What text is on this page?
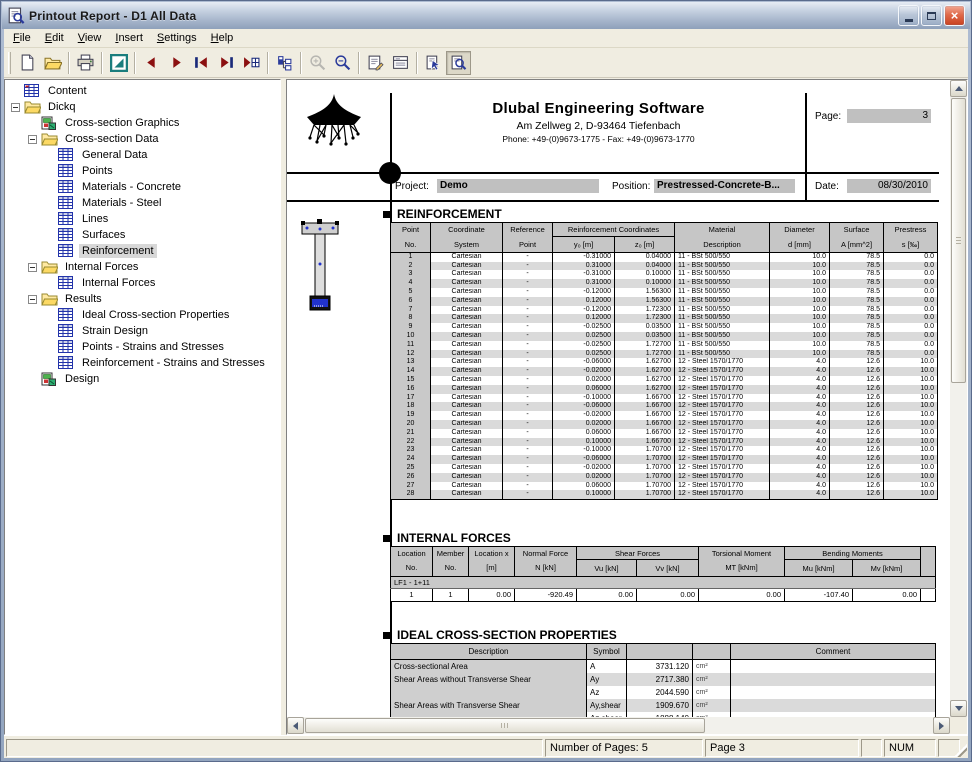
Printout Report - D1 All Data	×
File	Edit	View	Insert	Settings	Help
Content
Dickq
Cross-section Graphics
Cross-section Data
General Data
Points
Materials - Concrete
Materials - Steel
Lines
Surfaces
Reinforcement
Internal Forces
Internal Forces
Results
Ideal Cross-section Properties
Strain Design
Points - Strains and Stresses
Reinforcement - Strains and Stresses
Design
Dlubal Engineering Software
Am Zellweg 2, D-93464 Tiefenbach
Phone: +49-(0)9673-1775 - Fax: +49-(0)9673-1770
Page:	3
Project:	Demo	Position: Prestressed-Concrete-B...	Date:	08/30/2010
REINFORCEMENT
Point	Coordinate	Reference	Reinforcement Coordinates		Material	Diameter	Surface	Prestress
No.	System	Point	y₀ [m]	z₀ [m]	Description	d [mm]	A [mm^2]	s [‰]
1	Cartesian	-	-0.31000	0.04000	11 - BSt 500/550	10.0	78.5	0.0
2	Cartesian	-	0.31000	0.04000	11 - BSt 500/550	10.0	78.5	0.0
3	Cartesian	-	-0.31000	0.10000	11 - BSt 500/550	10.0	78.5	0.0
4	Cartesian	-	0.31000	0.10000	11 - BSt 500/550	10.0	78.5	0.0
5	Cartesian	-	-0.12000	1.56300	11 - BSt 500/550	10.0	78.5	0.0
6	Cartesian	-	0.12000	1.56300	11 - BSt 500/550	10.0	78.5	0.0
7	Cartesian	-	-0.12000	1.72300	11 - BSt 500/550	10.0	78.5	0.0
8	Cartesian	-	0.12000	1.72300	11 - BSt 500/550	10.0	78.5	0.0
9	Cartesian	-	-0.02500	0.03500	11 - BSt 500/550	10.0	78.5	0.0
10	Cartesian	-	0.02500	0.03500	11 - BSt 500/550	10.0	78.5	0.0
11	Cartesian	-	-0.02500	1.72700	11 - BSt 500/550	10.0	78.5	0.0
12	Cartesian	-	0.02500	1.72700	11 - BSt 500/550	10.0	78.5	0.0
13	Cartesian	-	-0.06000	1.62700	12 - Steel 1570/1770	4.0	12.6	10.0
14	Cartesian	-	-0.02000	1.62700	12 - Steel 1570/1770	4.0	12.6	10.0
15	Cartesian	-	0.02000	1.62700	12 - Steel 1570/1770	4.0	12.6	10.0
16	Cartesian	-	0.06000	1.62700	12 - Steel 1570/1770	4.0	12.6	10.0
17	Cartesian	-	-0.10000	1.66700	12 - Steel 1570/1770	4.0	12.6	10.0
18	Cartesian	-	-0.06000	1.66700	12 - Steel 1570/1770	4.0	12.6	10.0
19	Cartesian	-	-0.02000	1.66700	12 - Steel 1570/1770	4.0	12.6	10.0
20	Cartesian	-	0.02000	1.66700	12 - Steel 1570/1770	4.0	12.6	10.0
21	Cartesian	-	0.06000	1.66700	12 - Steel 1570/1770	4.0	12.6	10.0
22	Cartesian	-	0.10000	1.66700	12 - Steel 1570/1770	4.0	12.6	10.0
23	Cartesian	-	-0.10000	1.70700	12 - Steel 1570/1770	4.0	12.6	10.0
24	Cartesian	-	-0.06000	1.70700	12 - Steel 1570/1770	4.0	12.6	10.0
25	Cartesian	-	-0.02000	1.70700	12 - Steel 1570/1770	4.0	12.6	10.0
26	Cartesian	-	0.02000	1.70700	12 - Steel 1570/1770	4.0	12.6	10.0
27	Cartesian	-	0.06000	1.70700	12 - Steel 1570/1770	4.0	12.6	10.0
28	Cartesian	-	0.10000	1.70700	12 - Steel 1570/1770	4.0	12.6	10.0
INTERNAL FORCES
Location	Member	Location x	Normal Force	Shear Forces		Torsional Moment	Bending Moments		
No.	No.	[m]	N [kN]	Vu [kN]	Vv [kN]	MT [kNm]	Mu [kNm]	Mv [kNm]	
LF1 - 1+11									
1	1	0.00	-920.49	0.00	0.00	0.00	-107.40	0.00	
IDEAL CROSS-SECTION PROPERTIES
Description	Symbol			Comment
Cross-sectional Area	A	3731.120	cm²	
Shear Areas without Transverse Shear	Ay	2717.380	cm²	
	Az	2044.590	cm²	
Shear Areas with Transverse Shear	Ay,shear	1909.670	cm²	

Number of Pages: 5	Page 3	NUM
